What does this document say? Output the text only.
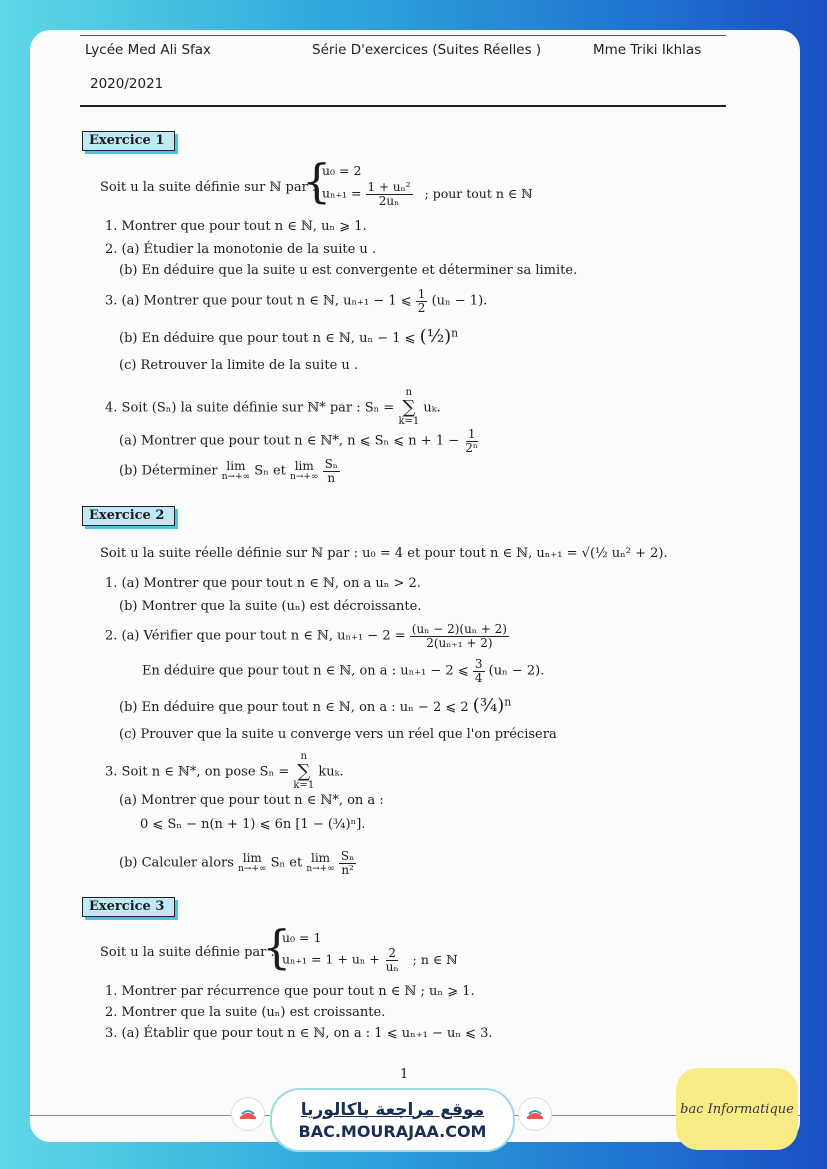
Lycée Med Ali Sfax	Série D'exercices (Suites Réelles )	Mme Triki Ikhlas
2020/2021
Exercice 1
Soit u la suite définie sur ℕ par :
{
u₀ = 2
$u_{n+1} = \frac{\text{1 + uₙ²}}{\text{2uₙ}}$ ; pour tout n ∈ ℕ
1. Montrer que pour tout n ∈ ℕ, uₙ ⩾ 1.
2. (a) Étudier la monotonie de la suite u .
(b) En déduire que la suite u est convergente et déterminer sa limite.
3. (a) Montrer que pour tout n ∈ ℕ, uₙ₊₁ − 1 ⩽ $\frac{1}{2} (u_n - 1)$.
(b) En déduire que pour tout n ∈ ℕ, uₙ − 1 ⩽ (½)$^n$
(c) Retrouver la limite de la suite u .
4. Soit (Sₙ) la suite définie sur ℕ* par : Sₙ =
n
∑
k=1
uₖ.
(a) Montrer que pour tout n ∈ ℕ*, n ⩽ Sₙ ⩽ $n + 1 - \frac{1}{\text{2ⁿ}}$
(b) Déterminer lim
n→+∞ Sₙ et lim
n→+∞
$\frac{\text{Sₙ}}{n}$
Exercice 2
Soit u la suite réelle définie sur ℕ par : u₀ = 4 et pour tout n ∈ ℕ, uₙ₊₁ = √(½ uₙ² + 2).
1. (a) Montrer que pour tout n ∈ ℕ, on a uₙ > 2.
(b) Montrer que la suite (uₙ) est décroissante.
2. (a) Vérifier que pour tout n ∈ ℕ, $u_{n+1} - 2 = \frac{\text{(uₙ − 2)(uₙ + 2)}}{\text{2(uₙ₊₁ + 2)}}$
En déduire que pour tout n ∈ ℕ, on a : uₙ₊₁ − 2 ⩽ $\frac{3}{4} (u_n - 2)$.
(b) En déduire que pour tout n ∈ ℕ, on a : uₙ − 2 ⩽ 2 (¾)$^n$
(c) Prouver que la suite u converge vers un réel que l'on précisera
3. Soit n ∈ ℕ*, on pose Sₙ =
n
∑
k=1
kuₖ.
(a) Montrer que pour tout n ∈ ℕ*, on a :
0 ⩽ Sₙ − n(n + 1) ⩽ 6n [1 − (¾)ⁿ].
(b) Calculer alors lim
n→+∞ Sₙ et lim
n→+∞
$\frac{\text{Sₙ}}{\text{n²}}$
Exercice 3
Soit u la suite définie par :
{
u₀ = 1
$u_{n+1} = 1 + u_n + \frac{2}{\text{uₙ}}$ ; n ∈ ℕ
1. Montrer par récurrence que pour tout n ∈ ℕ ; uₙ ⩾ 1.
2. Montrer que la suite (uₙ) est croissante.
3. (a) Établir que pour tout n ∈ ℕ, on a : 1 ⩽ uₙ₊₁ − uₙ ⩽ 3.
1
موقع مراجعة باكالوريا
BAC.MOURAJAA.COM
bac Informatique
